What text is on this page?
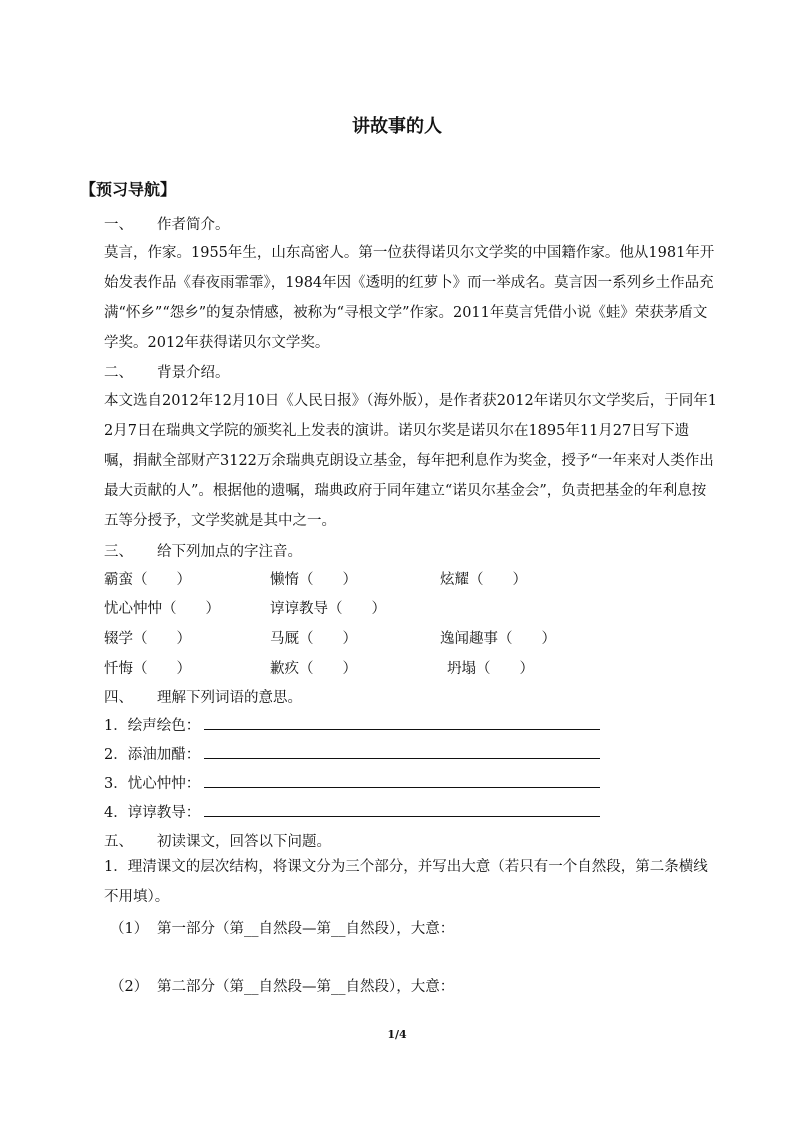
讲故事的人
【预习导航】
一、 作者简介。
莫言，作家。1955年生，山东高密人。第一位获得诺贝尔文学奖的中国籍作家。他从1981年开始发表作品《春夜雨霏霏》，1984年因《透明的红萝卜》而一举成名。莫言因一系列乡土作品充满“怀乡”“怨乡”的复杂情感，被称为“寻根文学”作家。2011年莫言凭借小说《蛙》荣获茅盾文学奖。2012年获得诺贝尔文学奖。
二、 背景介绍。
本文选自2012年12月10日《人民日报》（海外版），是作者获2012年诺贝尔文学奖后，于同年12月7日在瑞典文学院的颁奖礼上发表的演讲。诺贝尔奖是诺贝尔在1895年11月27日写下遗嘱，捐献全部财产3122万余瑞典克朗设立基金，每年把利息作为奖金，授予“一年来对人类作出最大贡献的人”。根据他的遗嘱，瑞典政府于同年建立“诺贝尔基金会”，负责把基金的年利息按五等分授予，文学奖就是其中之一。
三、 给下列加点的字注音。
霸蛮（　　）	懒惰（　　）	炫耀（　　）
忧心忡忡（　　）	谆谆教导（　　）
辍学（　　）	马厩（　　）	逸闻趣事（　　）
忏悔（　　）	歉疚（　　）	坍塌（　　）
四、 理解下列词语的意思。
1．绘声绘色：
2．添油加醋：
3．忧心忡忡：
4．谆谆教导：
五、 初读课文，回答以下问题。
1．理清课文的层次结构，将课文分为三个部分，并写出大意（若只有一个自然段，第二条横线不用填）。
（1） 第一部分（第__自然段—第__自然段），大意：
（2） 第二部分（第__自然段—第__自然段），大意：
1/4
